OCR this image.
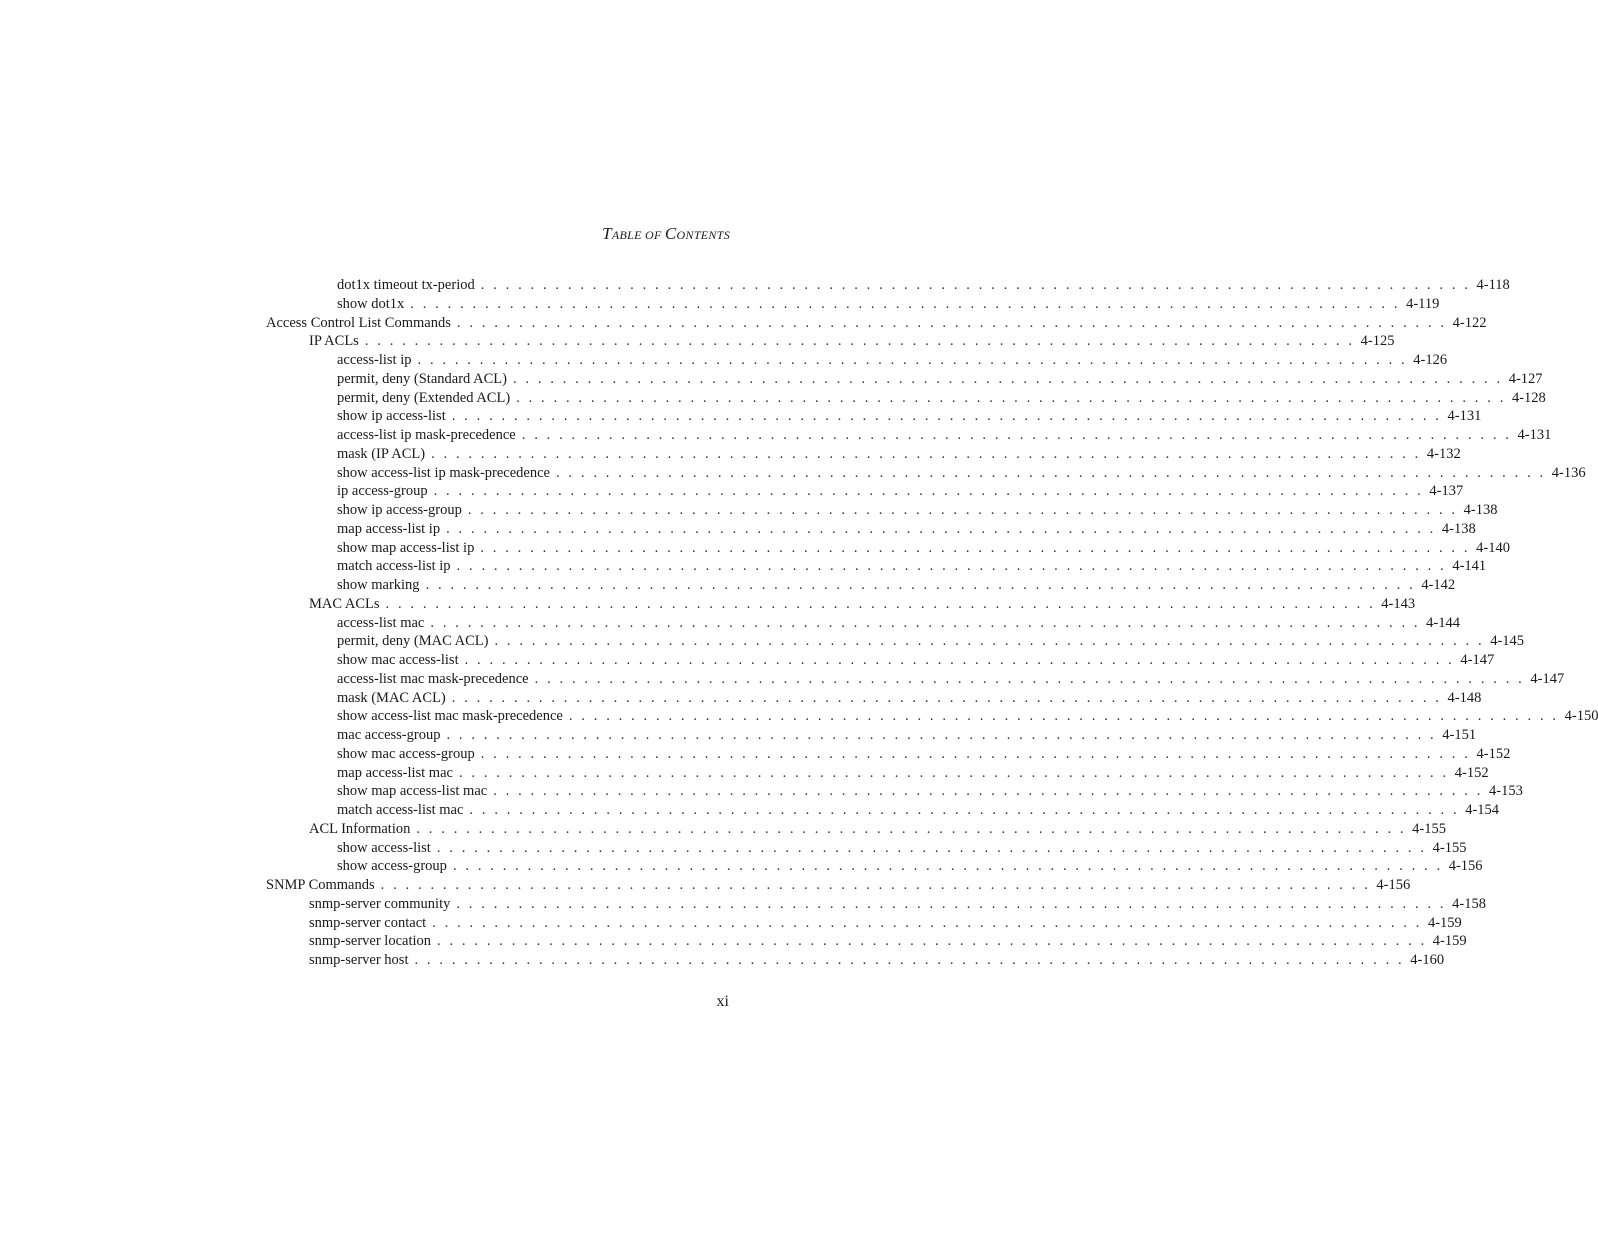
TABLE OF CONTENTS
dot1x timeout tx-period . . . . . . . . . . . . . . . . . . . . . . . . . . . . . . . . . . . . . . . . . . . . . . . . . . . . . . . . . . . . . . . . . . . . . . . . . . . . . . . . 4-118
show dot1x . . . . . . . . . . . . . . . . . . . . . . . . . . . . . . . . . . . . . . . . . . . . . . . . . . . . . . . . . . . . . . . . . . . . . . . . . . . . . . . . 4-119
Access Control List Commands . . . . . . . . . . . . . . . . . . . . . . . . . . . . . . . . . . . . . . . . . . . . . . . . . . . . . . . . . . . . . . . . . . . . . . . . . . . . . . . . 4-122
IP ACLs . . . . . . . . . . . . . . . . . . . . . . . . . . . . . . . . . . . . . . . . . . . . . . . . . . . . . . . . . . . . . . . . . . . . . . . . . . . . . . . . 4-125
access-list ip . . . . . . . . . . . . . . . . . . . . . . . . . . . . . . . . . . . . . . . . . . . . . . . . . . . . . . . . . . . . . . . . . . . . . . . . . . . . . . . . 4-126
permit, deny (Standard ACL) . . . . . . . . . . . . . . . . . . . . . . . . . . . . . . . . . . . . . . . . . . . . . . . . . . . . . . . . . . . . . . . . . . . . . . . . . . . . . . . . 4-127
permit, deny (Extended ACL) . . . . . . . . . . . . . . . . . . . . . . . . . . . . . . . . . . . . . . . . . . . . . . . . . . . . . . . . . . . . . . . . . . . . . . . . . . . . . . . . 4-128
show ip access-list . . . . . . . . . . . . . . . . . . . . . . . . . . . . . . . . . . . . . . . . . . . . . . . . . . . . . . . . . . . . . . . . . . . . . . . . . . . . . . . . 4-131
access-list ip mask-precedence . . . . . . . . . . . . . . . . . . . . . . . . . . . . . . . . . . . . . . . . . . . . . . . . . . . . . . . . . . . . . . . . . . . . . . . . . . . . . . . . 4-131
mask (IP ACL) . . . . . . . . . . . . . . . . . . . . . . . . . . . . . . . . . . . . . . . . . . . . . . . . . . . . . . . . . . . . . . . . . . . . . . . . . . . . . . . . 4-132
show access-list ip mask-precedence . . . . . . . . . . . . . . . . . . . . . . . . . . . . . . . . . . . . . . . . . . . . . . . . . . . . . . . . . . . . . . . . . . . . . . . . . . . . . . . . 4-136
ip access-group . . . . . . . . . . . . . . . . . . . . . . . . . . . . . . . . . . . . . . . . . . . . . . . . . . . . . . . . . . . . . . . . . . . . . . . . . . . . . . . . 4-137
show ip access-group . . . . . . . . . . . . . . . . . . . . . . . . . . . . . . . . . . . . . . . . . . . . . . . . . . . . . . . . . . . . . . . . . . . . . . . . . . . . . . . . 4-138
map access-list ip . . . . . . . . . . . . . . . . . . . . . . . . . . . . . . . . . . . . . . . . . . . . . . . . . . . . . . . . . . . . . . . . . . . . . . . . . . . . . . . . 4-138
show map access-list ip . . . . . . . . . . . . . . . . . . . . . . . . . . . . . . . . . . . . . . . . . . . . . . . . . . . . . . . . . . . . . . . . . . . . . . . . . . . . . . . . 4-140
match access-list ip . . . . . . . . . . . . . . . . . . . . . . . . . . . . . . . . . . . . . . . . . . . . . . . . . . . . . . . . . . . . . . . . . . . . . . . . . . . . . . . . 4-141
show marking . . . . . . . . . . . . . . . . . . . . . . . . . . . . . . . . . . . . . . . . . . . . . . . . . . . . . . . . . . . . . . . . . . . . . . . . . . . . . . . . 4-142
MAC ACLs . . . . . . . . . . . . . . . . . . . . . . . . . . . . . . . . . . . . . . . . . . . . . . . . . . . . . . . . . . . . . . . . . . . . . . . . . . . . . . . . 4-143
access-list mac . . . . . . . . . . . . . . . . . . . . . . . . . . . . . . . . . . . . . . . . . . . . . . . . . . . . . . . . . . . . . . . . . . . . . . . . . . . . . . . . 4-144
permit, deny (MAC ACL) . . . . . . . . . . . . . . . . . . . . . . . . . . . . . . . . . . . . . . . . . . . . . . . . . . . . . . . . . . . . . . . . . . . . . . . . . . . . . . . . 4-145
show mac access-list . . . . . . . . . . . . . . . . . . . . . . . . . . . . . . . . . . . . . . . . . . . . . . . . . . . . . . . . . . . . . . . . . . . . . . . . . . . . . . . . 4-147
access-list mac mask-precedence . . . . . . . . . . . . . . . . . . . . . . . . . . . . . . . . . . . . . . . . . . . . . . . . . . . . . . . . . . . . . . . . . . . . . . . . . . . . . . . . 4-147
mask (MAC ACL) . . . . . . . . . . . . . . . . . . . . . . . . . . . . . . . . . . . . . . . . . . . . . . . . . . . . . . . . . . . . . . . . . . . . . . . . . . . . . . . . 4-148
show access-list mac mask-precedence . . . . . . . . . . . . . . . . . . . . . . . . . . . . . . . . . . . . . . . . . . . . . . . . . . . . . . . . . . . . . . . . . . . . . . . . . . . . . . . . 4-150
mac access-group . . . . . . . . . . . . . . . . . . . . . . . . . . . . . . . . . . . . . . . . . . . . . . . . . . . . . . . . . . . . . . . . . . . . . . . . . . . . . . . . 4-151
show mac access-group . . . . . . . . . . . . . . . . . . . . . . . . . . . . . . . . . . . . . . . . . . . . . . . . . . . . . . . . . . . . . . . . . . . . . . . . . . . . . . . . 4-152
map access-list mac . . . . . . . . . . . . . . . . . . . . . . . . . . . . . . . . . . . . . . . . . . . . . . . . . . . . . . . . . . . . . . . . . . . . . . . . . . . . . . . . 4-152
show map access-list mac . . . . . . . . . . . . . . . . . . . . . . . . . . . . . . . . . . . . . . . . . . . . . . . . . . . . . . . . . . . . . . . . . . . . . . . . . . . . . . . . 4-153
match access-list mac . . . . . . . . . . . . . . . . . . . . . . . . . . . . . . . . . . . . . . . . . . . . . . . . . . . . . . . . . . . . . . . . . . . . . . . . . . . . . . . . 4-154
ACL Information . . . . . . . . . . . . . . . . . . . . . . . . . . . . . . . . . . . . . . . . . . . . . . . . . . . . . . . . . . . . . . . . . . . . . . . . . . . . . . . . 4-155
show access-list . . . . . . . . . . . . . . . . . . . . . . . . . . . . . . . . . . . . . . . . . . . . . . . . . . . . . . . . . . . . . . . . . . . . . . . . . . . . . . . . 4-155
show access-group . . . . . . . . . . . . . . . . . . . . . . . . . . . . . . . . . . . . . . . . . . . . . . . . . . . . . . . . . . . . . . . . . . . . . . . . . . . . . . . . 4-156
SNMP Commands . . . . . . . . . . . . . . . . . . . . . . . . . . . . . . . . . . . . . . . . . . . . . . . . . . . . . . . . . . . . . . . . . . . . . . . . . . . . . . . . 4-156
snmp-server community . . . . . . . . . . . . . . . . . . . . . . . . . . . . . . . . . . . . . . . . . . . . . . . . . . . . . . . . . . . . . . . . . . . . . . . . . . . . . . . . 4-158
snmp-server contact . . . . . . . . . . . . . . . . . . . . . . . . . . . . . . . . . . . . . . . . . . . . . . . . . . . . . . . . . . . . . . . . . . . . . . . . . . . . . . . . 4-159
snmp-server location . . . . . . . . . . . . . . . . . . . . . . . . . . . . . . . . . . . . . . . . . . . . . . . . . . . . . . . . . . . . . . . . . . . . . . . . . . . . . . . . 4-159
snmp-server host . . . . . . . . . . . . . . . . . . . . . . . . . . . . . . . . . . . . . . . . . . . . . . . . . . . . . . . . . . . . . . . . . . . . . . . . . . . . . . . . 4-160
xi
